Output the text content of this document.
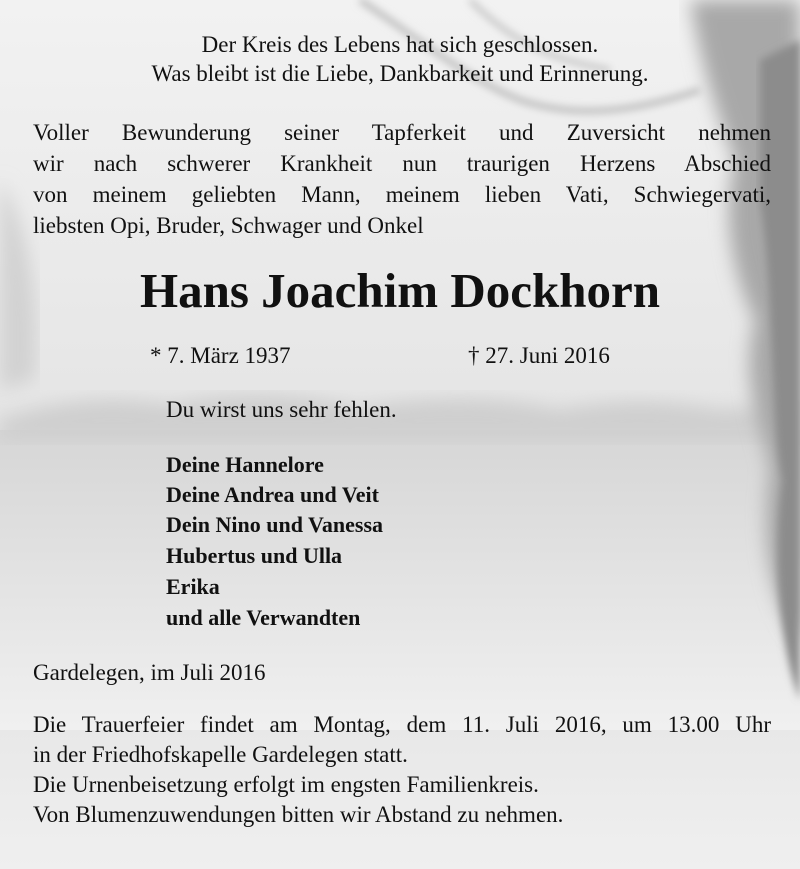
Der Kreis des Lebens hat sich geschlossen.
Was bleibt ist die Liebe, Dankbarkeit und Erinnerung.
Voller Bewunderung seiner Tapferkeit und Zuversicht nehmen
wir nach schwerer Krankheit nun traurigen Herzens Abschied
von meinem geliebten Mann, meinem lieben Vati, Schwiegervati,
liebsten Opi, Bruder, Schwager und Onkel
Hans Joachim Dockhorn
* 7. März 1937	† 27. Juni 2016
Du wirst uns sehr fehlen.
Deine Hannelore
Deine Andrea und Veit
Dein Nino und Vanessa
Hubertus und Ulla
Erika
und alle Verwandten
Gardelegen, im Juli 2016
Die Trauerfeier findet am Montag, dem 11. Juli 2016, um 13.00 Uhr
in der Friedhofskapelle Gardelegen statt.
Die Urnenbeisetzung erfolgt im engsten Familienkreis.
Von Blumenzuwendungen bitten wir Abstand zu nehmen.
